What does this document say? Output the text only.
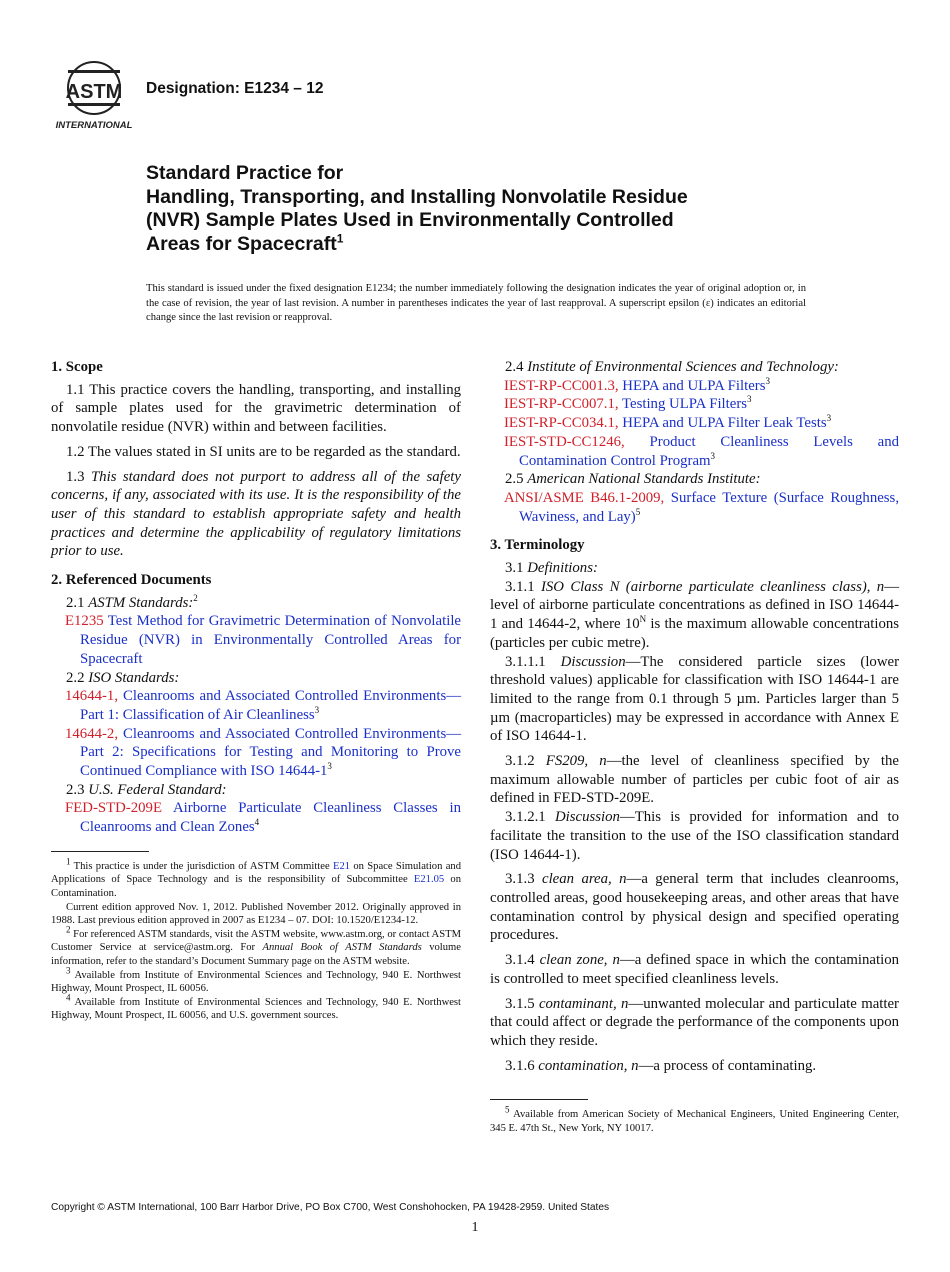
ASTM
INTERNATIONAL
Designation: E1234 – 12
Standard Practice for
Handling, Transporting, and Installing Nonvolatile Residue
(NVR) Sample Plates Used in Environmentally Controlled
Areas for Spacecraft$^1$
This standard is issued under the fixed designation E1234; the number immediately following the designation indicates the year of original adoption or, in the case of revision, the year of last revision. A number in parentheses indicates the year of last reapproval. A superscript epsilon (ε) indicates an editorial change since the last revision or reapproval.

1. Scope

1.1 This practice covers the handling, transporting, and installing of sample plates used for the gravimetric determination of nonvolatile residue (NVR) within and between facilities.

1.2 The values stated in SI units are to be regarded as the standard.

1.3 This standard does not purport to address all of the safety concerns, if any, associated with its use. It is the responsibility of the user of this standard to establish appropriate safety and health practices and determine the applicability of regulatory limitations prior to use.

2. Referenced Documents

2.1 ASTM Standards:$^2$

E1235 Test Method for Gravimetric Determination of Nonvolatile Residue (NVR) in Environmentally Controlled Areas for Spacecraft

2.2 ISO Standards:

14644-1, Cleanrooms and Associated Controlled Environments—Part 1: Classification of Air Cleanliness$^3$

14644-2, Cleanrooms and Associated Controlled Environments—Part 2: Specifications for Testing and Monitoring to Prove Continued Compliance with ISO $14644-1^3$

2.3 U.S. Federal Standard:

FED-STD-209E Airborne Particulate Cleanliness Classes in Cleanrooms and Clean Zones$^4$

$^1$ This practice is under the jurisdiction of ASTM Committee E21 on Space Simulation and Applications of Space Technology and is the responsibility of Subcommittee E21.05 on Contamination.

Current edition approved Nov. 1, 2012. Published November 2012. Originally approved in 1988. Last previous edition approved in 2007 as E1234 – 07. DOI: 10.1520/E1234-12.

$^2$ For referenced ASTM standards, visit the ASTM website, www.astm.org, or contact ASTM Customer Service at service@astm.org. For Annual Book of ASTM Standards volume information, refer to the standard’s Document Summary page on the ASTM website.

$^3$ Available from Institute of Environmental Sciences and Technology, 940 E. Northwest Highway, Mount Prospect, IL 60056.

$^4$ Available from Institute of Environmental Sciences and Technology, 940 E. Northwest Highway, Mount Prospect, IL 60056, and U.S. government sources.

2.4 Institute of Environmental Sciences and Technology:

IEST-RP-CC001.3, HEPA and ULPA Filters$^3$

IEST-RP-CC007.1, Testing ULPA Filters$^3$

IEST-RP-CC034.1, HEPA and ULPA Filter Leak Tests$^3$

IEST-STD-CC1246, Product Cleanliness Levels and Contamination Control Program$^3$

2.5 American National Standards Institute:

ANSI/ASME B46.1-2009, Surface Texture (Surface Roughness, Waviness, and Lay)$^5$

3. Terminology

3.1 Definitions:

3.1.1 ISO Class N (airborne particulate cleanliness class), n—level of airborne particulate concentrations as defined in ISO 14644-1 and 14644-2, where $10^N$ is the maximum allowable concentrations (particles per cubic metre).

3.1.1.1 Discussion—The considered particle sizes (lower threshold values) applicable for classification with ISO 14644-1 are limited to the range from 0.1 through 5 µm. Particles larger than 5 µm (macroparticles) may be expressed in accordance with Annex E of ISO 14644-1.

3.1.2 FS209, n—the level of cleanliness specified by the maximum allowable number of particles per cubic foot of air as defined in FED-STD-209E.

3.1.2.1 Discussion—This is provided for information and to facilitate the transition to the use of the ISO classification standard (ISO 14644-1).

3.1.3 clean area, n—a general term that includes cleanrooms, controlled areas, good housekeeping areas, and other areas that have contamination control by physical design and specified operating procedures.

3.1.4 clean zone, n—a defined space in which the contamination is controlled to meet specified cleanliness levels.

3.1.5 contaminant, n—unwanted molecular and particulate matter that could affect or degrade the performance of the components upon which they reside.

3.1.6 contamination, n—a process of contaminating.

$^5$ Available from American Society of Mechanical Engineers, United Engineering Center, 345 E. 47th St., New York, NY 10017.

Copyright © ASTM International, 100 Barr Harbor Drive, PO Box C700, West Conshohocken, PA 19428-2959. United States
1
